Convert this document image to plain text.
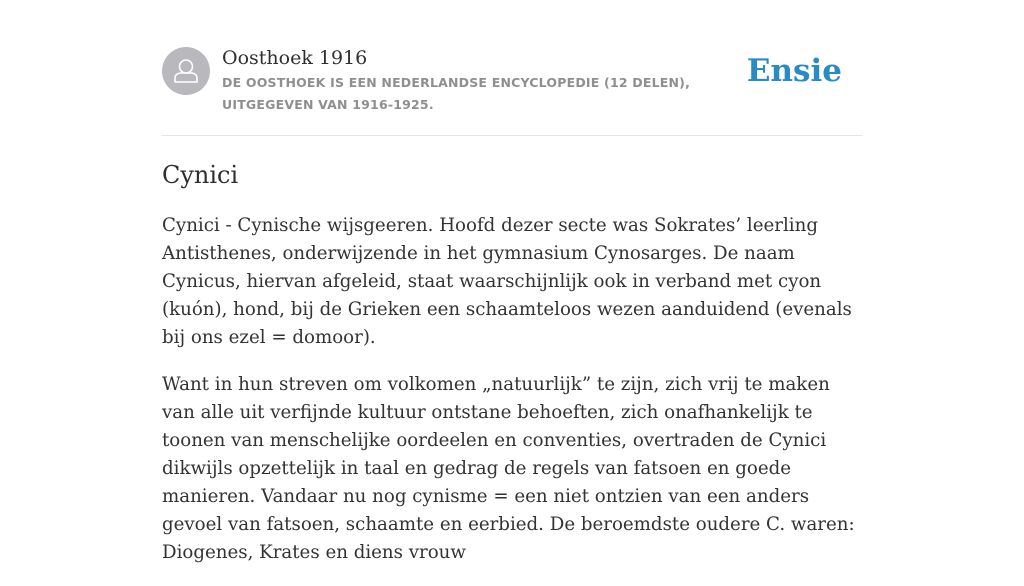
Oosthoek 1916
DE OOSTHOEK IS EEN NEDERLANDSE ENCYCLOPEDIE (12 DELEN), UITGEGEVEN VAN 1916-1925.
Ensie
Cynici

Cynici - Cynische wijsgeeren. Hoofd dezer secte was Sokrates’ leerling Antisthenes, onderwijzende in het gymnasium Cynosarges. De naam Cynicus, hiervan afgeleid, staat waarschijnlijk ook in verband met cyon (kuón), hond, bij de Grieken een schaamteloos wezen aanduidend (evenals bij ons ezel = domoor).

Want in hun streven om volkomen „natuurlijk” te zijn, zich vrij te maken van alle uit verfijnde kultuur ontstane behoeften, zich onafhankelijk te toonen van menschelijke oordeelen en conventies, overtraden de Cynici dikwijls opzettelijk in taal en gedrag de regels van fatsoen en goede manieren. Vandaar nu nog cynisme = een niet ontzien van een anders gevoel van fatsoen, schaamte en eerbied. De beroemdste oudere C. waren: Diogenes, Krates en diens vrouw
